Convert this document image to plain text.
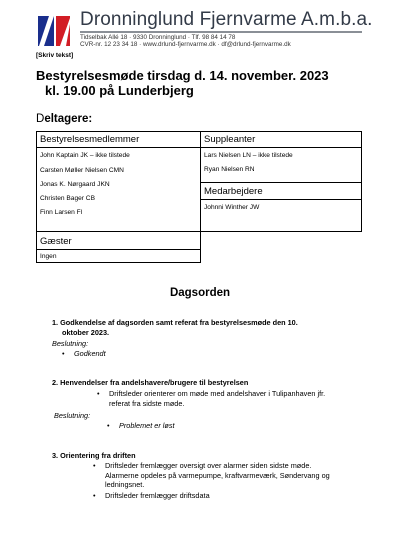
Dronninglund Fjernvarme A.m.b.a.
Tidselbak Allé 18 · 9330 Dronninglund · Tlf. 98 84 14 78
CVR-nr. 12 23 34 18 · www.drlund-fjernvarme.dk · df@drlund-fjernvarme.dk
[Skriv tekst]
Bestyrelsesmøde tirsdag d. 14. november. 2023
kl. 19.00 på Lunderbjerg
Deltagere:
Bestyrelsesmedlemmer
John Kaptain JK – ikke tilstede
Carsten Møller Nielsen CMN
Jonas K. Nørgaard JKN
Christen Bager CB
Finn Larsen Fl
Suppleanter
Lars Nielsen LN – ikke tilstede
Ryan Nielsen RN
Medarbejdere
Johnni Winther JW
Gæster
Ingen
Dagsorden
1. Godkendelse af dagsorden samt referat fra bestyrelsesmøde den 10.
oktober 2023.
Beslutning:
• Godkendt
2. Henvendelser fra andelshavere/brugere til bestyrelsen
• Driftsleder orienterer om møde med andelshaver i Tulipanhaven jfr.
referat fra sidste møde.
Beslutning:
• Problemet er løst
3. Orientering fra driften
• Driftsleder fremlægger oversigt over alarmer siden sidste møde.
Alarmerne opdeles på varmepumpe, kraftvarmeværk, Søndervang og
ledningsnet.
• Driftsleder fremlægger driftsdata
